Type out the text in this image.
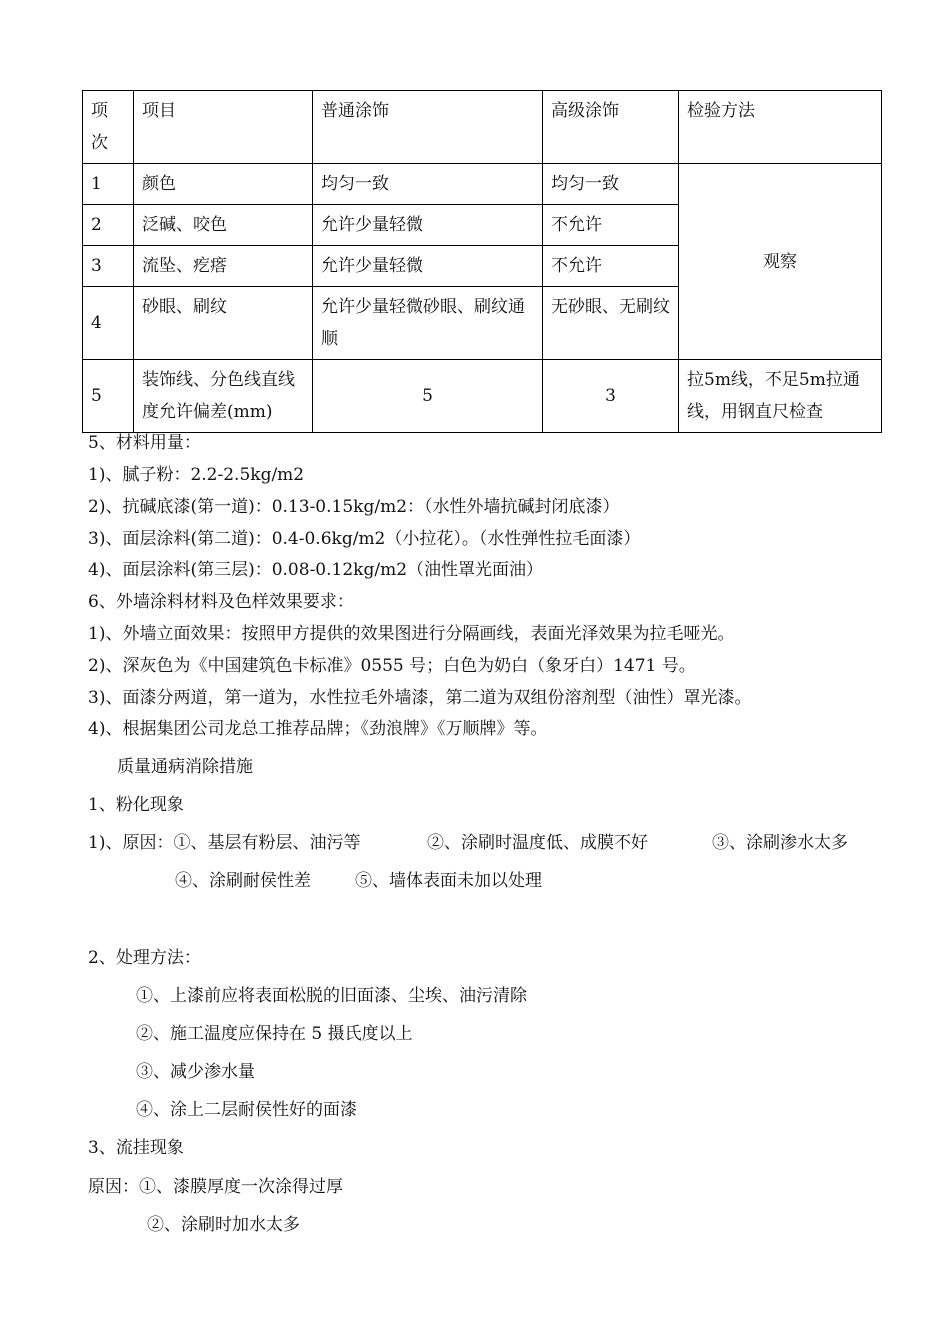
项
次	项目	普通涂饰	高级涂饰	检验方法
1	颜色	均匀一致	均匀一致	观察
2	泛碱、咬色	允许少量轻微	不允许	
3	流坠、疙瘩	允许少量轻微	不允许	
4	砂眼、刷纹	允许少量轻微砂眼、刷纹通顺	无砂眼、无刷纹	
5	装饰线、分色线直线度允许偏差(mm)	5	3	拉5m线，不足5m拉通线，用钢直尺检查
5、材料用量：
1)、腻子粉：2.2-2.5kg/m2
2)、抗碱底漆(第一道)：0.13-0.15kg/m2：（水性外墙抗碱封闭底漆）
3)、面层涂料(第二道)：0.4-0.6kg/m2（小拉花）。（水性弹性拉毛面漆）
4)、面层涂料(第三层)：0.08-0.12kg/m2（油性罩光面油）
6、外墙涂料材料及色样效果要求：
1)、外墙立面效果：按照甲方提供的效果图进行分隔画线，表面光泽效果为拉毛哑光。
2)、深灰色为《中国建筑色卡标准》0555 号；白色为奶白（象牙白）1471 号。
3)、面漆分两道，第一道为，水性拉毛外墙漆，第二道为双组份溶剂型（油性）罩光漆。
4)、根据集团公司龙总工推荐品牌；《劲浪牌》《万顺牌》等。
质量通病消除措施
1、粉化现象
1)、原因：①、基层有粉层、油污等	②、涂刷时温度低、成膜不好	③、涂刷渗水太多
④、涂刷耐侯性差	⑤、墙体表面未加以处理
2、处理方法：
①、上漆前应将表面松脱的旧面漆、尘埃、油污清除
②、施工温度应保持在 5 摄氏度以上
③、减少渗水量
④、涂上二层耐侯性好的面漆
3、流挂现象
原因：①、漆膜厚度一次涂得过厚
②、涂刷时加水太多
